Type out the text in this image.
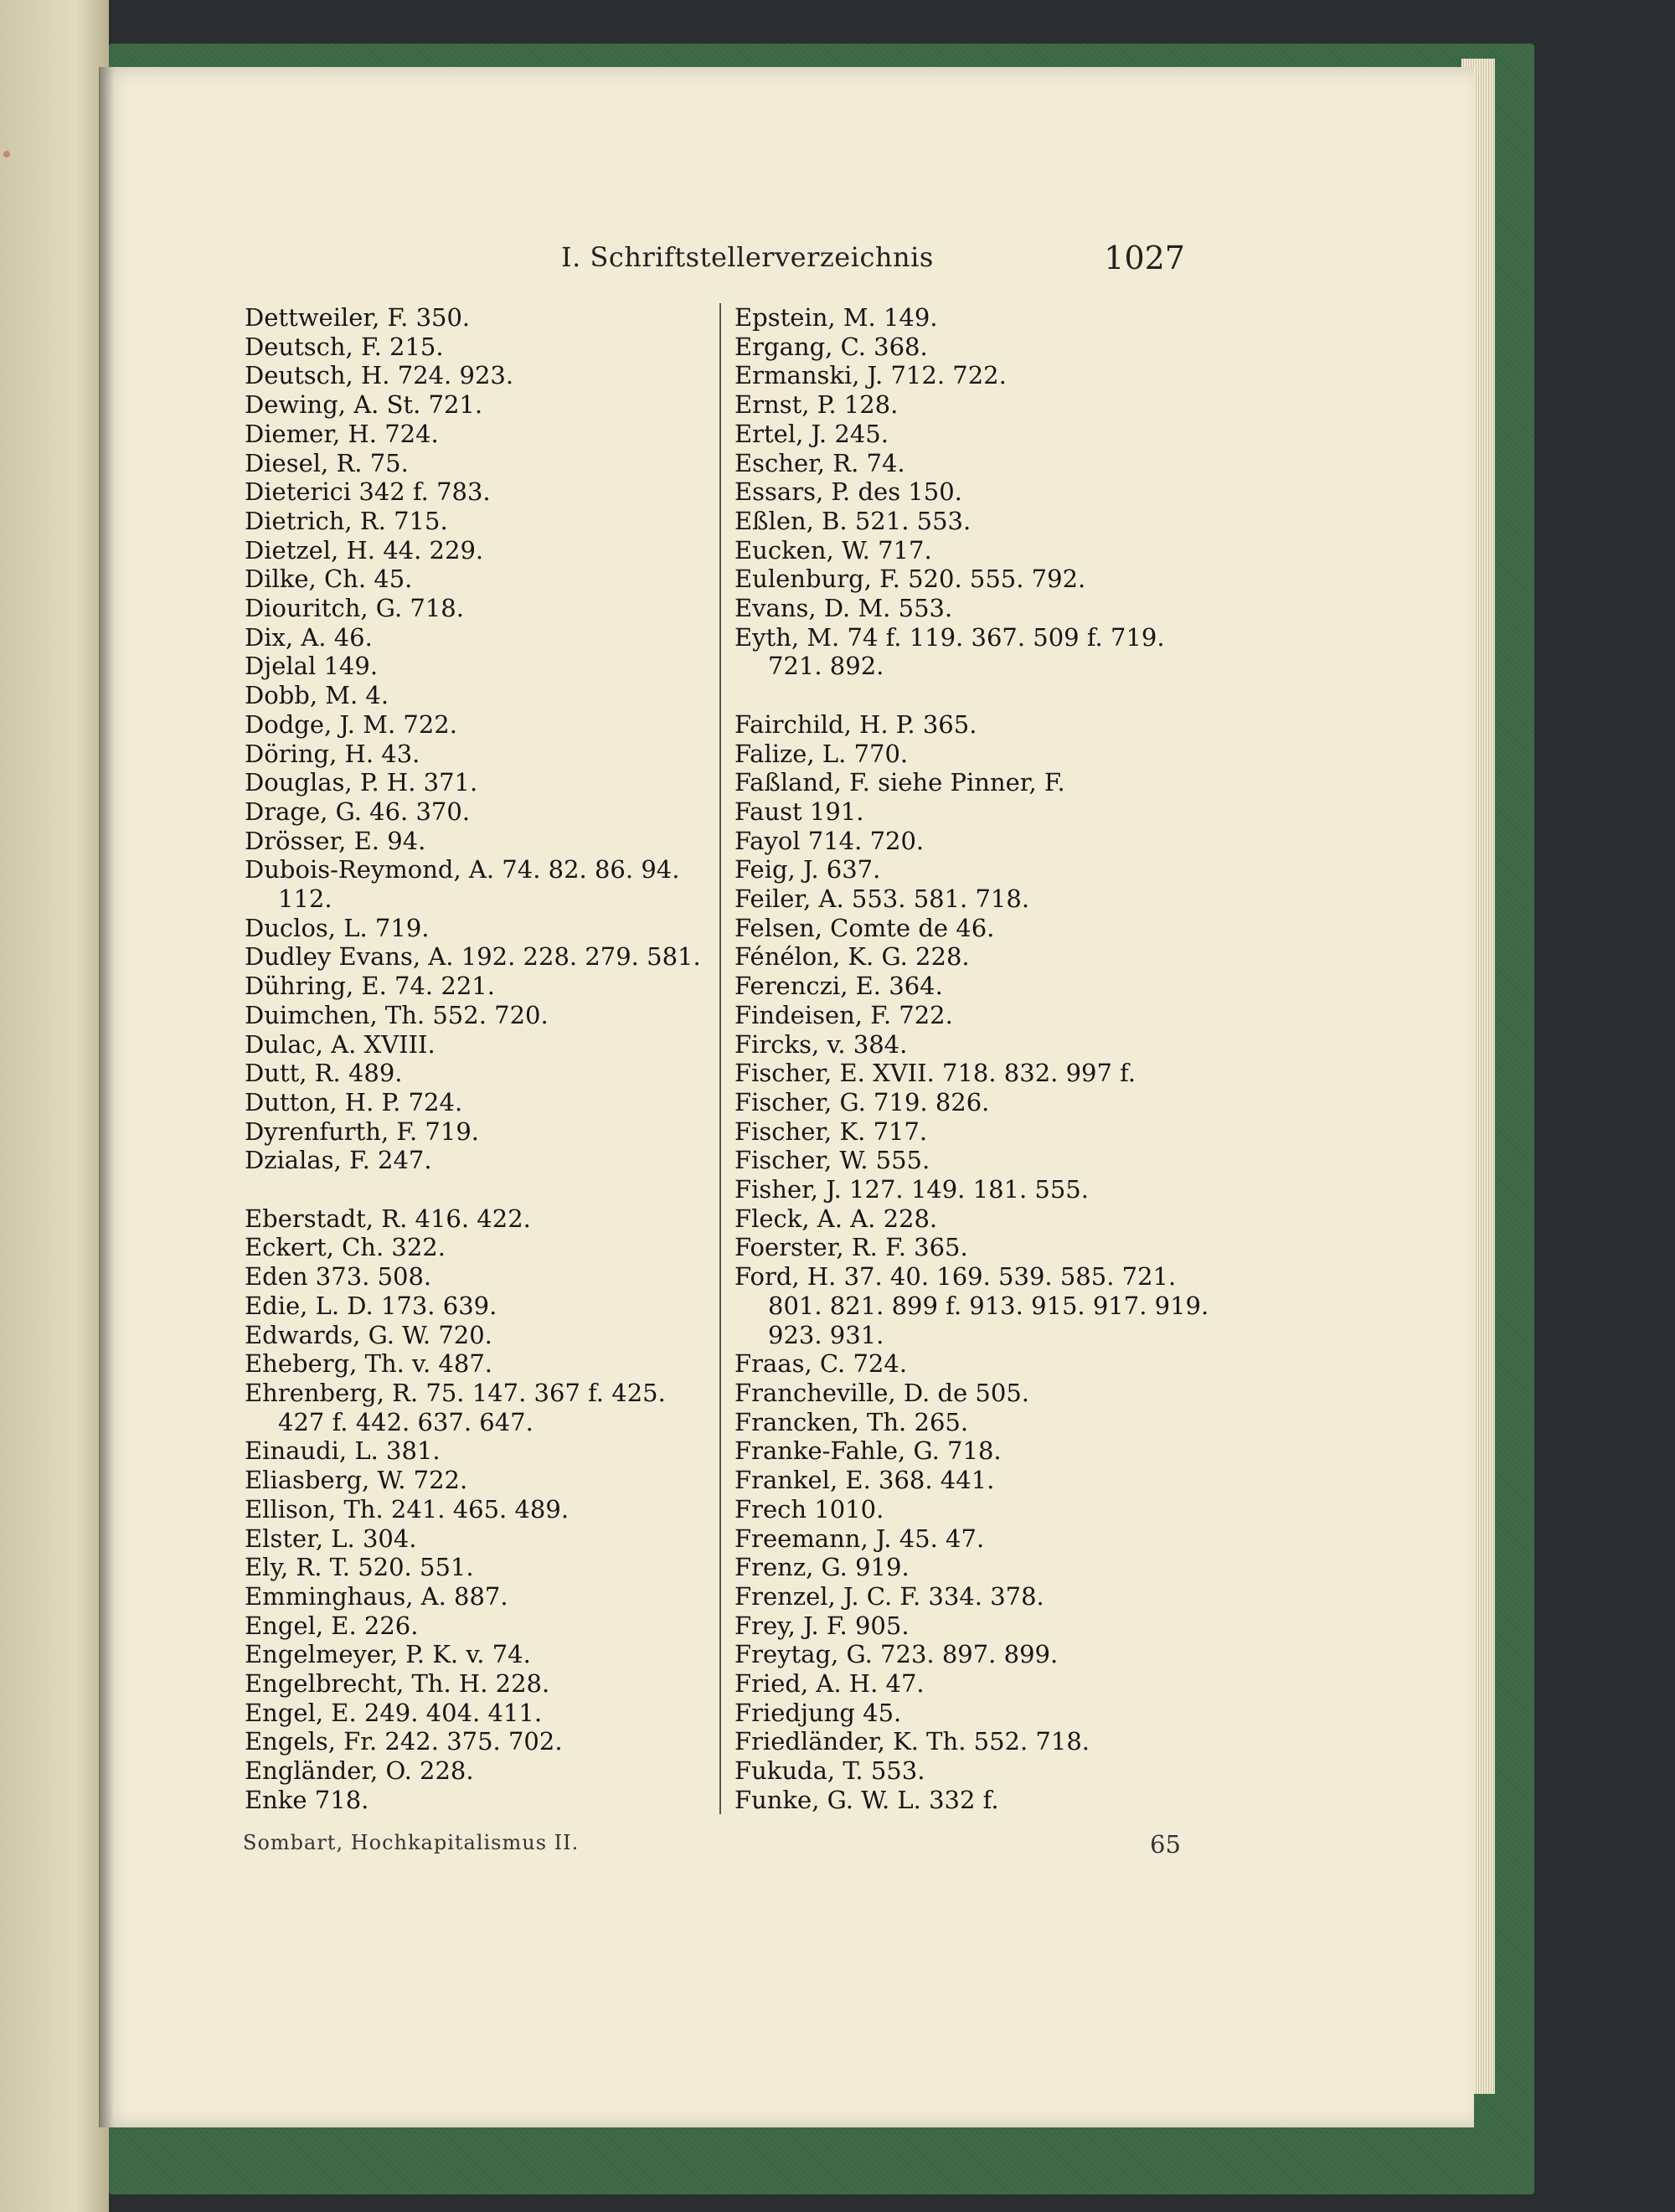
I. Schriftstellerverzeichnis	1027
Dettweiler, F. 350.
Deutsch, F. 215.
Deutsch, H. 724. 923.
Dewing, A. St. 721.
Diemer, H. 724.
Diesel, R. 75.
Dieterici 342 f. 783.
Dietrich, R. 715.
Dietzel, H. 44. 229.
Dilke, Ch. 45.
Diouritch, G. 718.
Dix, A. 46.
Djelal 149.
Dobb, M. 4.
Dodge, J. M. 722.
Döring, H. 43.
Douglas, P. H. 371.
Drage, G. 46. 370.
Drösser, E. 94.
Dubois-Reymond, A. 74. 82. 86. 94.
112.
Duclos, L. 719.
Dudley Evans, A. 192. 228. 279. 581.
Dühring, E. 74. 221.
Duimchen, Th. 552. 720.
Dulac, A. XVIII.
Dutt, R. 489.
Dutton, H. P. 724.
Dyrenfurth, F. 719.
Dzialas, F. 247.
Eberstadt, R. 416. 422.
Eckert, Ch. 322.
Eden 373. 508.
Edie, L. D. 173. 639.
Edwards, G. W. 720.
Eheberg, Th. v. 487.
Ehrenberg, R. 75. 147. 367 f. 425.
427 f. 442. 637. 647.
Einaudi, L. 381.
Eliasberg, W. 722.
Ellison, Th. 241. 465. 489.
Elster, L. 304.
Ely, R. T. 520. 551.
Emminghaus, A. 887.
Engel, E. 226.
Engelmeyer, P. K. v. 74.
Engelbrecht, Th. H. 228.
Engel, E. 249. 404. 411.
Engels, Fr. 242. 375. 702.
Engländer, O. 228.
Enke 718.
Epstein, M. 149.
Ergang, C. 368.
Ermanski, J. 712. 722.
Ernst, P. 128.
Ertel, J. 245.
Escher, R. 74.
Essars, P. des 150.
Eßlen, B. 521. 553.
Eucken, W. 717.
Eulenburg, F. 520. 555. 792.
Evans, D. M. 553.
Eyth, M. 74 f. 119. 367. 509 f. 719.
721. 892.
Fairchild, H. P. 365.
Falize, L. 770.
Faßland, F. siehe Pinner, F.
Faust 191.
Fayol 714. 720.
Feig, J. 637.
Feiler, A. 553. 581. 718.
Felsen, Comte de 46.
Fénélon, K. G. 228.
Ferenczi, E. 364.
Findeisen, F. 722.
Fircks, v. 384.
Fischer, E. XVII. 718. 832. 997 f.
Fischer, G. 719. 826.
Fischer, K. 717.
Fischer, W. 555.
Fisher, J. 127. 149. 181. 555.
Fleck, A. A. 228.
Foerster, R. F. 365.
Ford, H. 37. 40. 169. 539. 585. 721.
801. 821. 899 f. 913. 915. 917. 919.
923. 931.
Fraas, C. 724.
Francheville, D. de 505.
Francken, Th. 265.
Franke-Fahle, G. 718.
Frankel, E. 368. 441.
Frech 1010.
Freemann, J. 45. 47.
Frenz, G. 919.
Frenzel, J. C. F. 334. 378.
Frey, J. F. 905.
Freytag, G. 723. 897. 899.
Fried, A. H. 47.
Friedjung 45.
Friedländer, K. Th. 552. 718.
Fukuda, T. 553.
Funke, G. W. L. 332 f.
Sombart, Hochkapitalismus II.	65
